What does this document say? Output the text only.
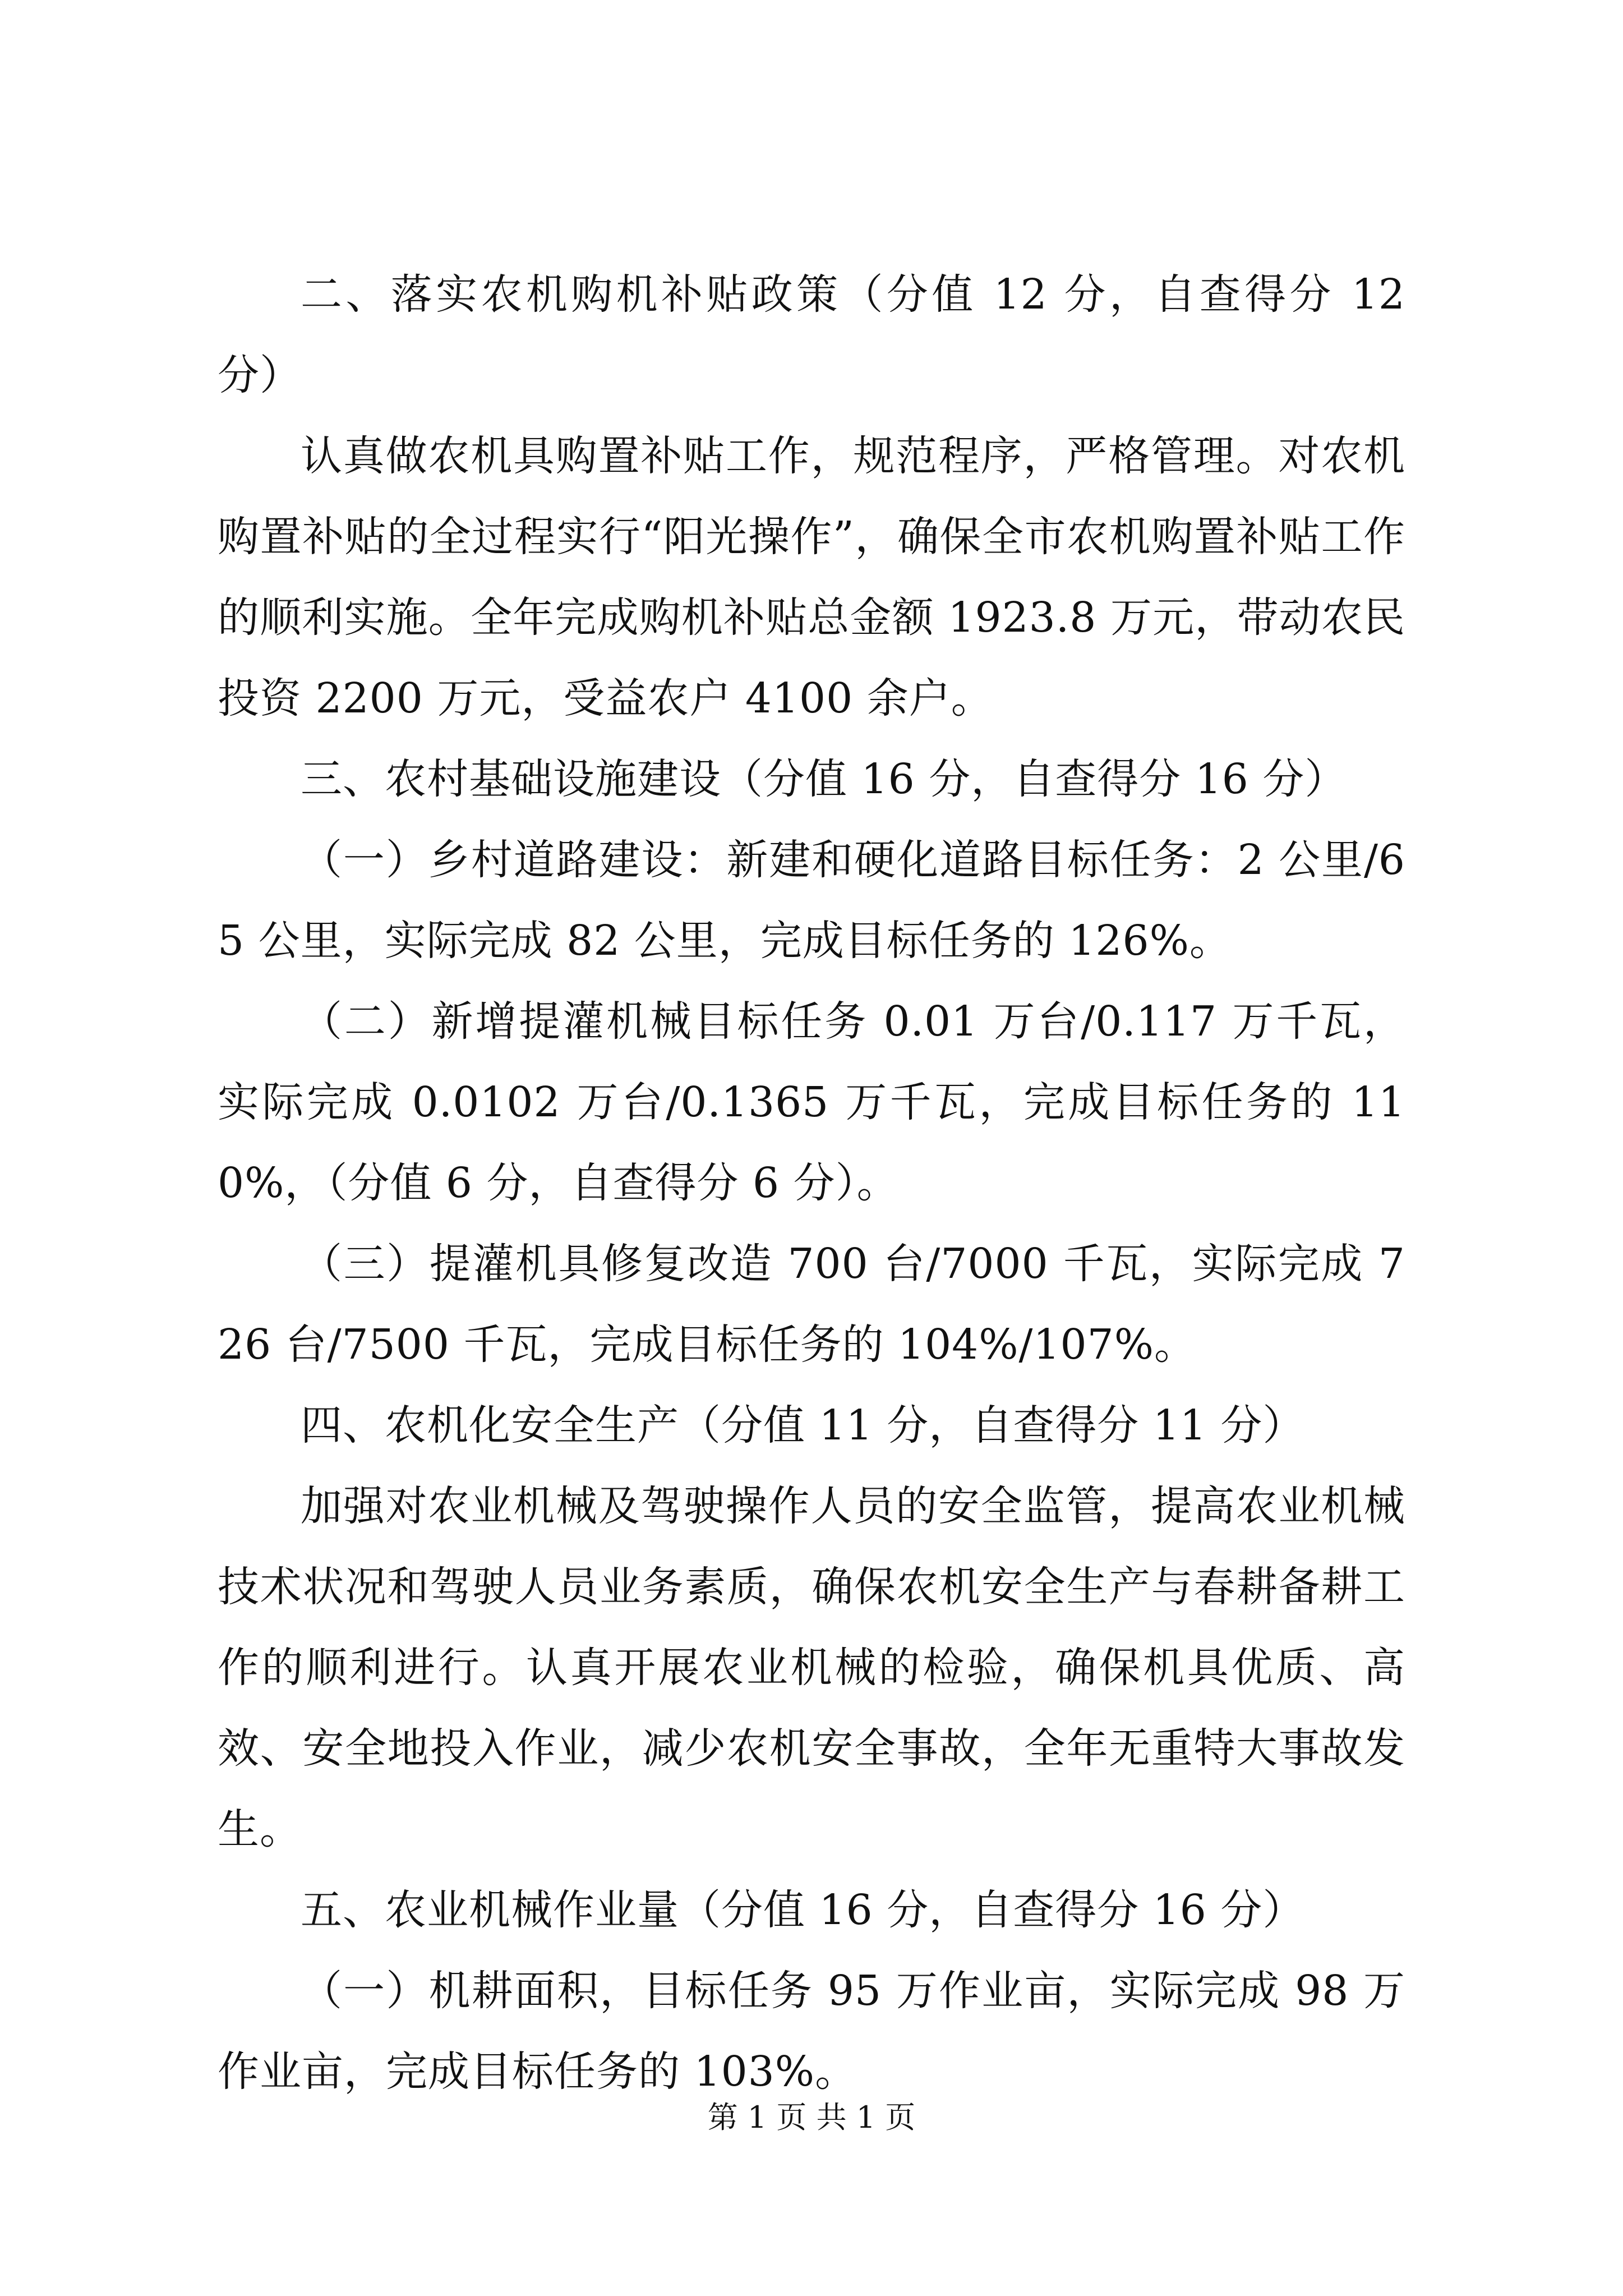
二、落实农机购机补贴政策（分值 12 分，自查得分 12 分）

认真做农机具购置补贴工作，规范程序，严格管理。对农机购置补贴的全过程实行“阳光操作”，确保全市农机购置补贴工作的顺利实施。全年完成购机补贴总金额 1923.8 万元，带动农民投资 2200 万元，受益农户 4100 余户。

三、农村基础设施建设（分值 16 分，自查得分 16 分）

（一）乡村道路建设：新建和硬化道路目标任务：2 公里/65 公里，实际完成 82 公里，完成目标任务的 126%。

（二）新增提灌机械目标任务 0.01 万台/0.117 万千瓦，实际完成 0.0102 万台/0.1365 万千瓦，完成目标任务的 110%，（分值 6 分，自查得分 6 分）。

（三）提灌机具修复改造 700 台/7000 千瓦，实际完成 726 台/7500 千瓦，完成目标任务的 104%/107%。

四、农机化安全生产（分值 11 分，自查得分 11 分）

加强对农业机械及驾驶操作人员的安全监管，提高农业机械技术状况和驾驶人员业务素质，确保农机安全生产与春耕备耕工作的顺利进行。认真开展农业机械的检验，确保机具优质、高效、安全地投入作业，减少农机安全事故，全年无重特大事故发生。

五、农业机械作业量（分值 16 分，自查得分 16 分）

（一）机耕面积，目标任务 95 万作业亩，实际完成 98 万作业亩，完成目标任务的 103%。

第 1 页 共 1 页
